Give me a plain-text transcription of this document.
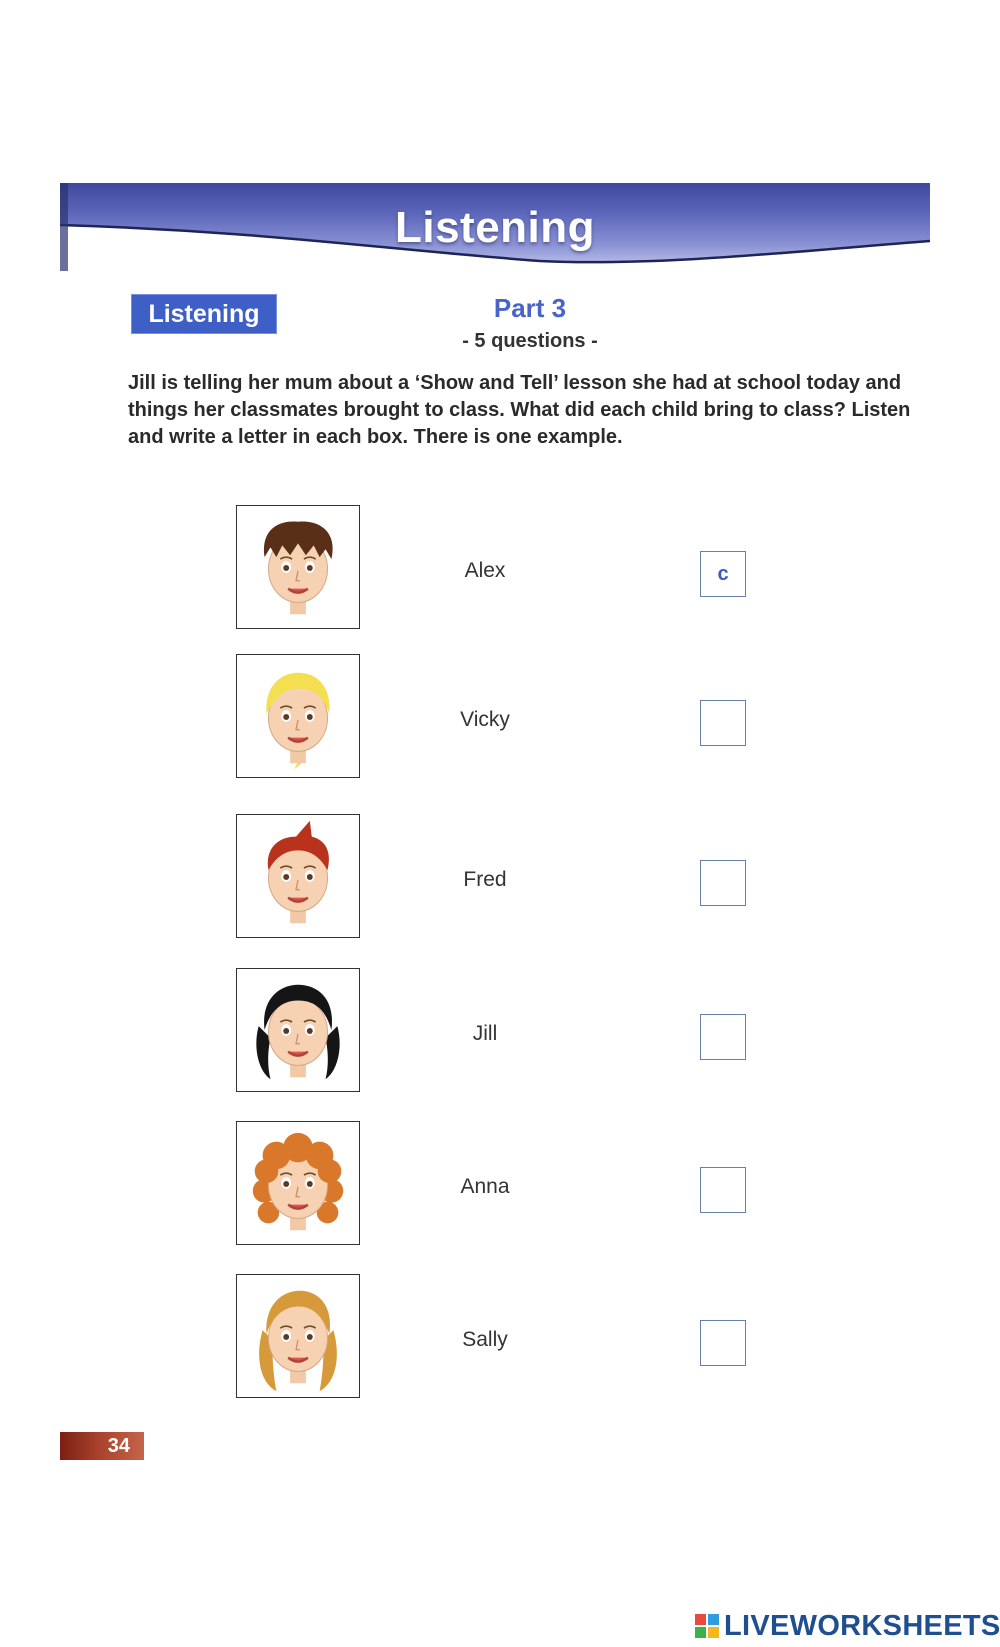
Listening
Listening	Part 3
- 5 questions -
Jill is telling her mum about a ‘Show and Tell’ lesson she had at school today and things her classmates brought to class. What did each child bring to class? Listen and write a letter in each box. There is one example.
Alex	c
Vicky
Fred
Jill
Anna
Sally
34
LIVEWORKSHEETS
